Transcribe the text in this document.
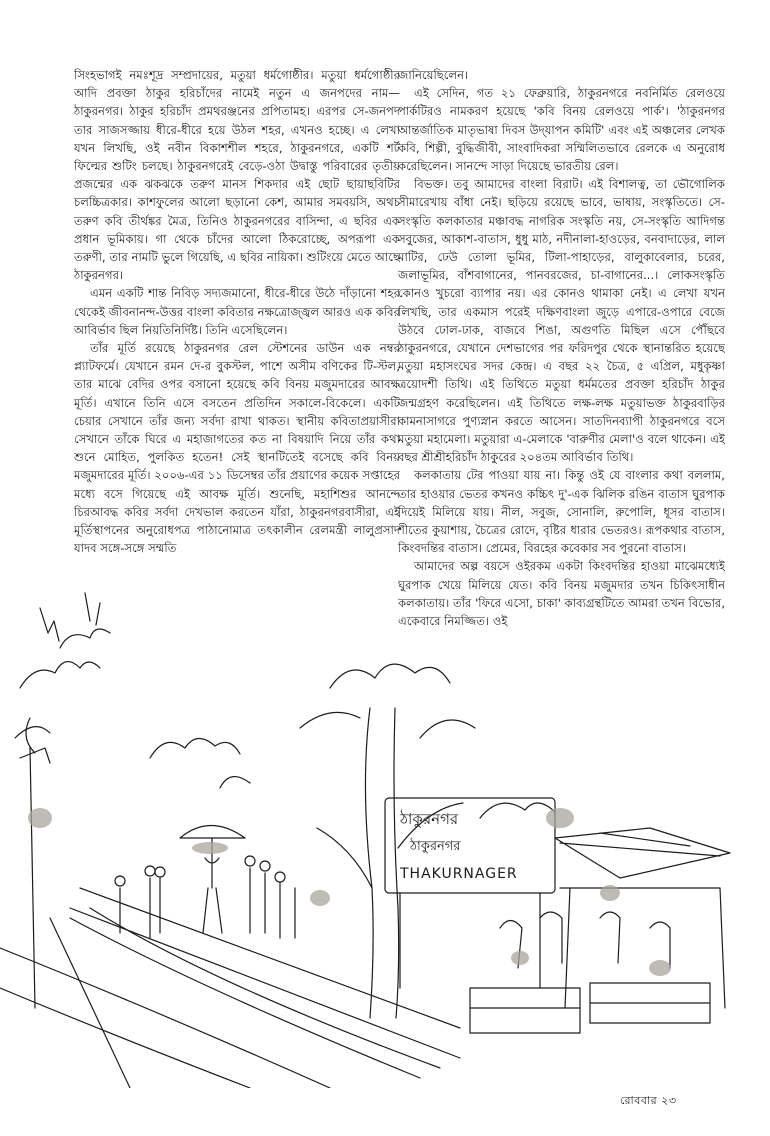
সিংহভাগই নমঃশূদ্র সম্প্রদায়ের, মতুয়া ধর্মগোষ্ঠীর। মতুয়া ধর্মগোষ্ঠীর আদি প্রবক্তা ঠাকুর হরিচাঁদের নামেই নতুন এ জনপদের নাম—ঠাকুরনগর। ঠাকুর হরিচাঁদ প্রমথরঞ্জনের প্রপিতামহ। এরপর সে-জনপদ তার সাজসজ্জায় ধীরে-ধীরে হয়ে উঠল শহর, এখনও হচ্ছে। এ লেখা যখন লিখছি, ওই নবীন বিকাশশীল শহরে, ঠাকুরনগরে, একটি শর্ট ফিল্মের শুটিং চলছে। ঠাকুরনগরেই বেড়ে-ওঠা উদ্বাস্তু পরিবারের তৃতীয় প্রজন্মের এক ঝকঝকে তরুণ মানস শিকদার এই ছোট ছায়াছবিটির চলচ্চিত্রকার। কাশফুলের আলো ছড়ানো কেশ, আমার সমবয়সি, অথচ তরুণ কবি তীর্থঙ্কর মৈত্র, তিনিও ঠাকুরনগরের বাসিন্দা, এ ছবির এক প্রধান ভূমিকায়। গা থেকে চাঁদের আলো ঠিকরোচ্ছে, অপরূপা এক তরুণী, তার নামটি ভুলে গিয়েছি, এ ছবির নায়িকা। শুটিংয়ে মেতে আছে ঠাকুরনগর।

এমন একটি শান্ত নিবিড় সদ্যজমানো, ধীরে-ধীরে উঠে দাঁড়ানো শহর থেকেই জীবনানন্দ-উত্তর বাংলা কবিতার নক্ষত্রোজ্জ্বল আরও এক কবির আবির্ভাব ছিল নিয়তিনির্দিষ্ট। তিনি এসেছিলেন।

তাঁর মূর্তি রয়েছে ঠাকুরনগর রেল স্টেশনের ডাউন এক নম্বর প্ল্যাটফর্মে। যেখানে রমন দে-র বুকস্টল, পাশে অসীম বণিকের টি-স্টল, তার মাঝে বেদির ওপর বসানো হয়েছে কবি বিনয় মজুমদারের আবক্ষ মূর্তি। এখানে তিনি এসে বসতেন প্রতিদিন সকালে-বিকেলে। একটি চেয়ার সেখানে তাঁর জন্য সর্বদা রাখা থাকত। স্থানীয় কবিতাপ্রয়াসীরা সেখানে তাঁকে ঘিরে এ মহাজাগতের কত না বিষয়াদি নিয়ে তাঁর কথা শুনে মোহিত, পুলকিত হতেন! সেই স্থানটিতেই বসেছে কবি বিনয় মজুমদারের মূর্তি। ২০০৬-এর ১১ ডিসেম্বর তাঁর প্রয়াণের কয়েক সপ্তাহের মধ্যে বসে গিয়েছে এই আবক্ষ মূর্তি। শুনেছি, মহাশিশুর আনন্দে চিরআবদ্ধ কবির সর্বদা দেখভাল করতেন যাঁরা, ঠাকুরনগরবাসীরা, এই মূর্তিস্থাপনের অনুরোধপত্র পাঠানোমাত্র তৎকালীন রেলমন্ত্রী লালুপ্রসাদ যাদব সঙ্গে-সঙ্গে সম্মতি

জানিয়েছিলেন।

এই সেদিন, গত ২১ ফেব্রুয়ারি, ঠাকুরনগরে নবনির্মিত রেলওয়ে পার্কটিরও নামকরণ হয়েছে 'কবি বিনয় রেলওয়ে পার্ক'। 'ঠাকুরনগর আন্তর্জাতিক মাতৃভাষা দিবস উদ্‌যাপন কমিটি' এবং এই অঞ্চলের লেখক কবি, শিল্পী, বুদ্ধিজীবী, সাংবাদিকরা সম্মিলিতভাবে রেলকে এ অনুরোধ করেছিলেন। সানন্দে সাড়া দিয়েছে ভারতীয় রেল।

বিভক্ত। তবু আমাদের বাংলা বিরাট। এই বিশালত্ব, তা ভৌগোলিক সীমারেখায় বাঁধা নেই। ছড়িয়ে রয়েছে ভাবে, ভাষায়, সংস্কৃতিতে। সে-সংস্কৃতি কলকাতার মঞ্চাবদ্ধ নাগরিক সংস্কৃতি নয়, সে-সংস্কৃতি আদিগন্ত সবুজের, আকাশ-বাতাস, ধুধু মাঠ, নদীনালা-হাওড়ের, বনবাদাড়ের, লাল মাটির, ঢেউ তোলা ভূমির, টিলা-পাহাড়ের, বালুকাবেলার, চরের, জলাভূমির, বাঁশবাগানের, পানবরজের, চা-বাগানের...। লোকসংস্কৃতি কোনও খুচরো ব্যাপার নয়। এর কোনও থামাকা নেই। এ লেখা যখন লিখছি, তার একমাস পরেই দক্ষিণবাংলা জুড়ে এপারে-ওপারে বেজে উঠবে ঢোল-ঢাক, বাজবে শিঙা, অগুণতি মিছিল এসে পৌঁছবে ঠাকুরনগরে, যেখানে দেশভাগের পর ফরিদপুর থেকে স্থানান্তরিত হয়েছে মতুয়া মহাসংঘের সদর কেন্দ্র। এ বছর ২২ চৈত্র, ৫ এপ্রিল, মধুকৃষ্ণা ত্রয়োদশী তিথি। এই তিথিতে মতুয়া ধর্মমতের প্রবক্তা হরিচাঁদ ঠাকুর জন্মগ্রহণ করেছিলেন। এই তিথিতে লক্ষ-লক্ষ মতুয়াভক্ত ঠাকুরবাড়ির কামনাসাগরে পুণ্যস্নান করতে আসেন। সাতদিনব্যাপী ঠাকুরনগরে বসে মতুয়া মহামেলা। মতুয়ারা এ-মেলাকে 'বারুণীর মেলা'ও বলে থাকেন। এই বছর শ্রীশ্রীহরিচাঁদ ঠাকুরের ২০৪তম আবির্ভাব তিথি।

কলকাতায় টের পাওয়া যায় না। কিন্তু ওই যে বাংলার কথা বললাম, তার হাওয়ার ভেতর কখনও কচ্চিৎ দু'-এক ঝিলিক রঙিন বাতাস ঘুরপাক দিয়েই মিলিয়ে যায়। নীল, সবুজ, সোনালি, রুপোলি, ধূসর বাতাস। শীতের কুয়াশায়, চৈত্রের রোদে, বৃষ্টির ধারার ভেতরও। রূপকথার বাতাস, কিংবদন্তির বাতাস। প্রেমের, বিরহের কবেকার সব পুরনো বাতাস।

আমাদের অল্প বয়সে ওইরকম একটা কিংবদন্তির হাওয়া মাঝেমধ্যেই ঘুরপাক খেয়ে মিলিয়ে যেত। কবি বিনয় মজুমদার তখন চিকিৎসাধীন কলকাতায়। তাঁর 'ফিরে এসো, চাকা' কাব্যগ্রন্থটিতে আমরা তখন বিভোর, একেবারে নিমজ্জিত। ওই

ঠাকুরনগর
ঠাকুরনগর
THAKURNAGER
রোববার ২৩
